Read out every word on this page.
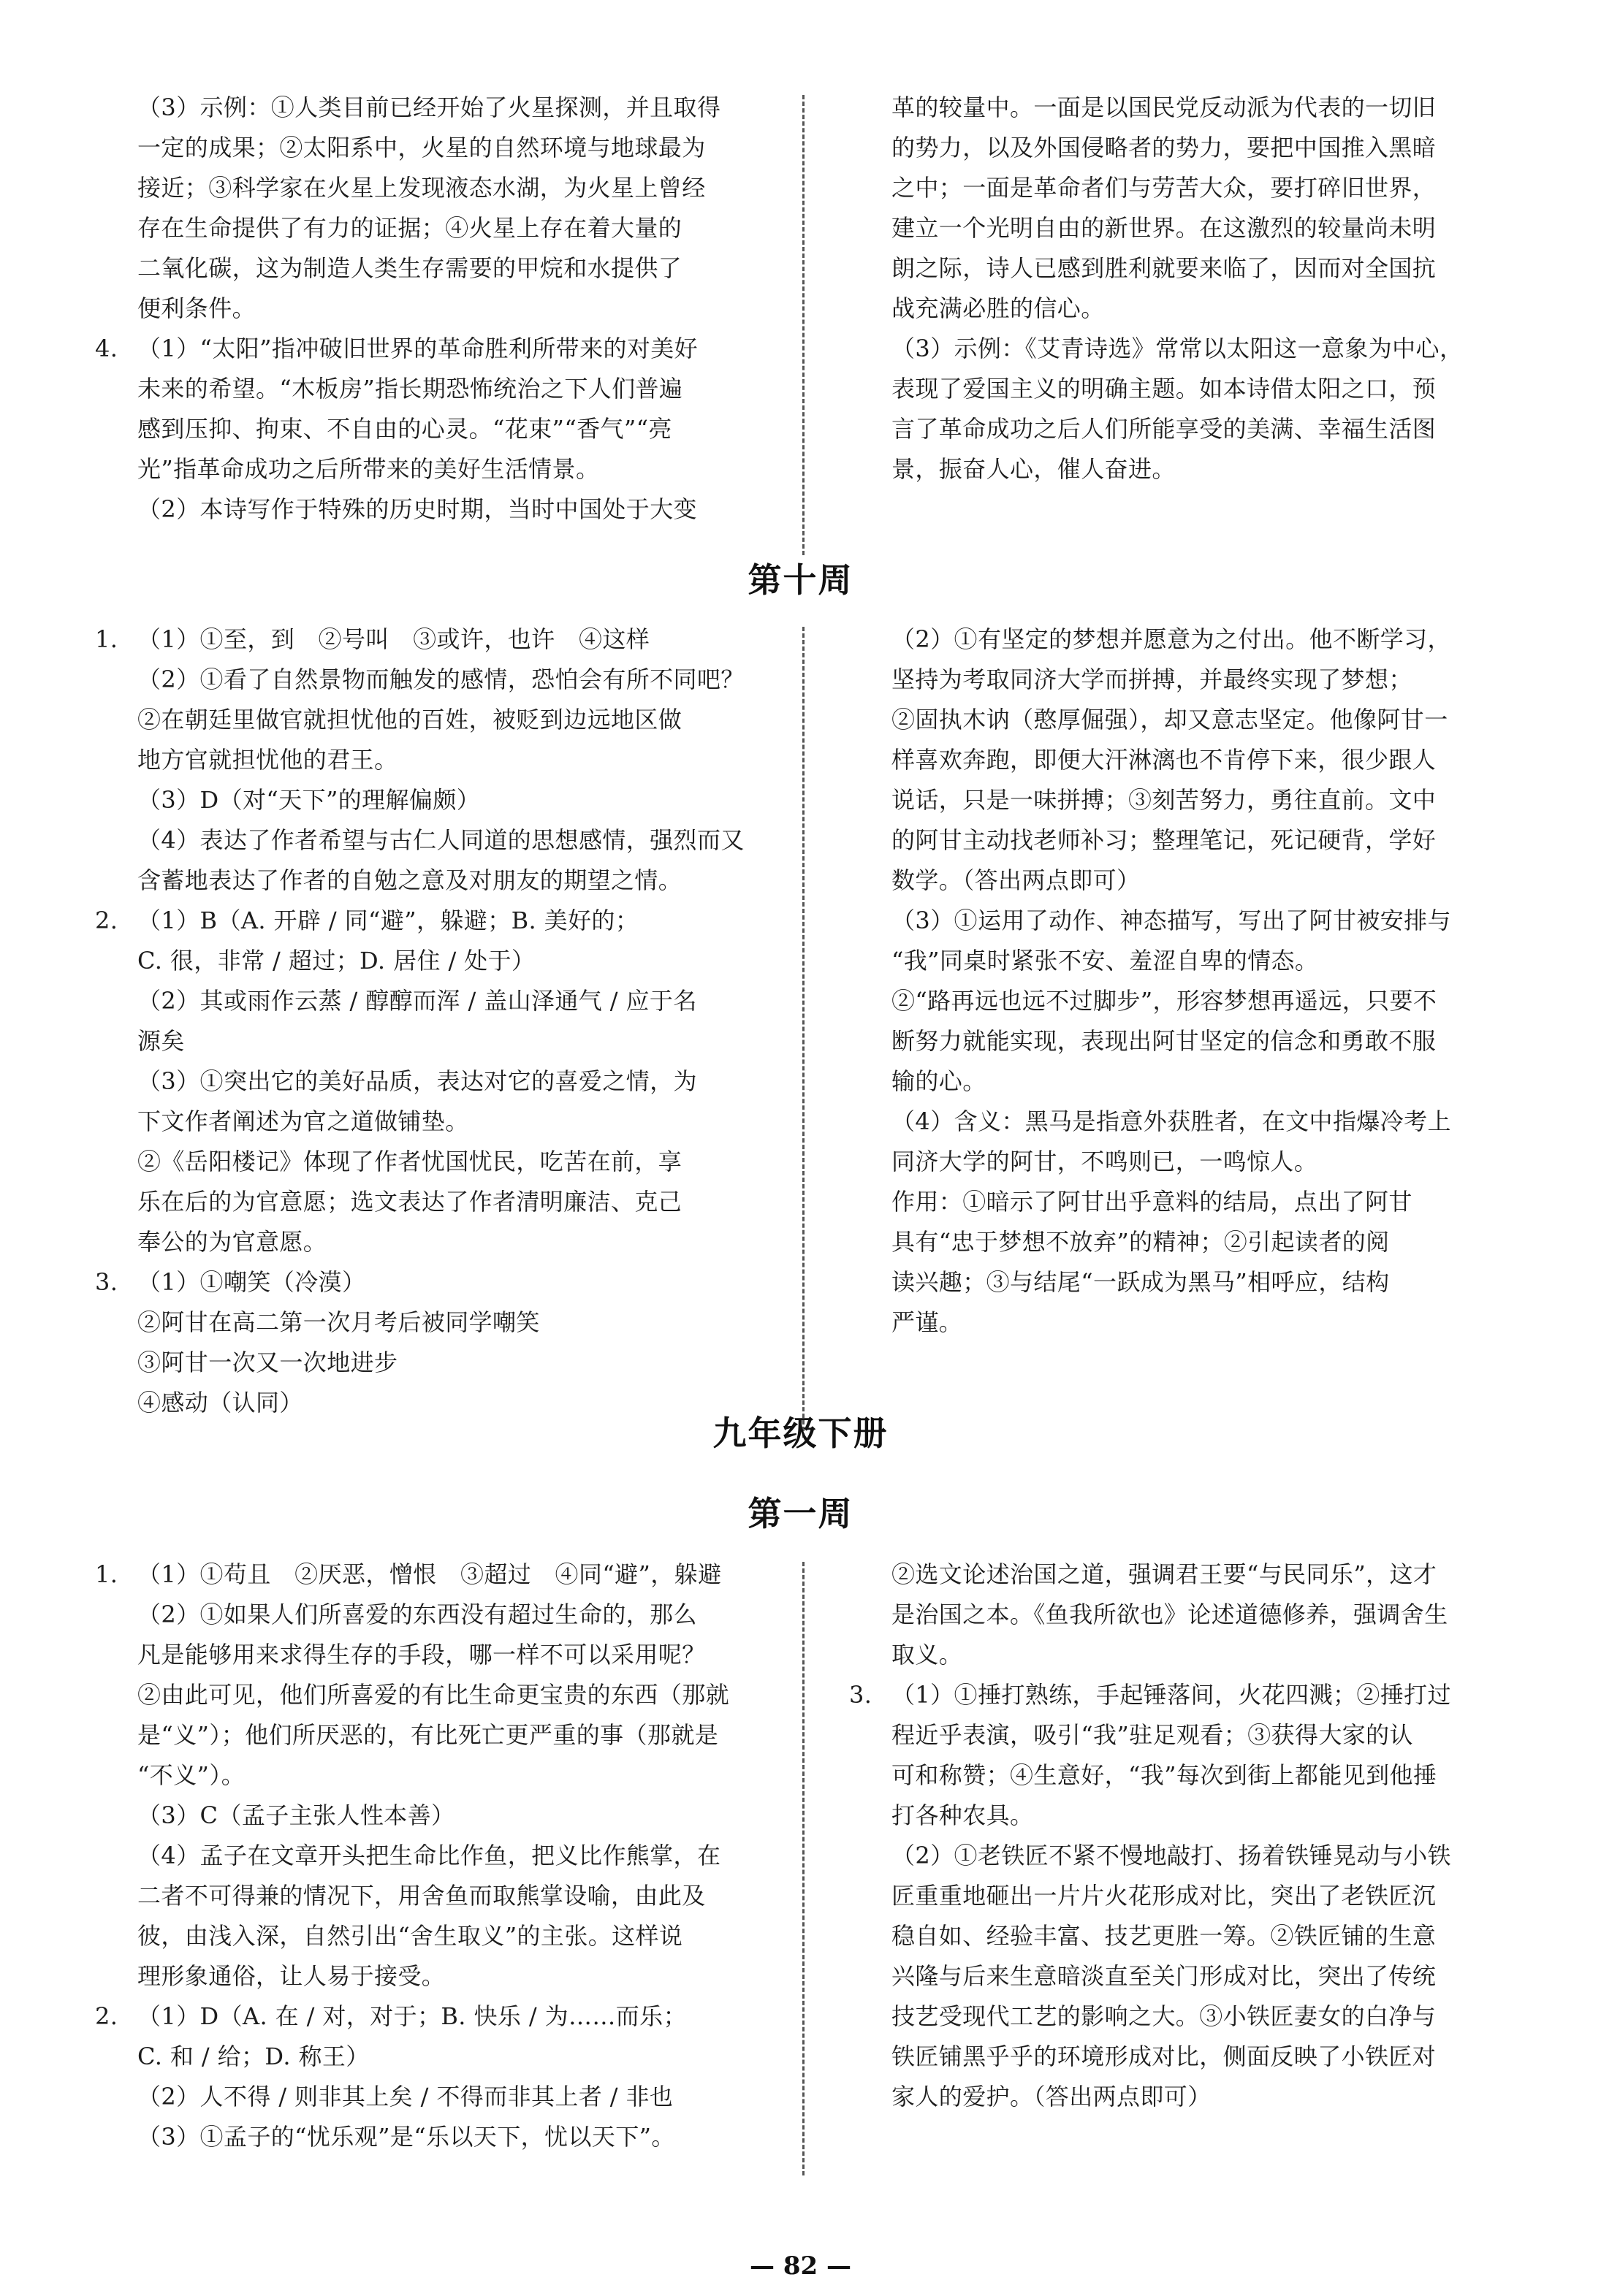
（3）示例：①人类目前已经开始了火星探测，并且取得
一定的成果；②太阳系中，火星的自然环境与地球最为
接近；③科学家在火星上发现液态水湖，为火星上曾经
存在生命提供了有力的证据；④火星上存在着大量的
二氧化碳，这为制造人类生存需要的甲烷和水提供了
便利条件。
4. （1）“太阳”指冲破旧世界的革命胜利所带来的对美好
未来的希望。“木板房”指长期恐怖统治之下人们普遍
感到压抑、拘束、不自由的心灵。“花束”“香气”“亮
光”指革命成功之后所带来的美好生活情景。
（2）本诗写作于特殊的历史时期，当时中国处于大变
革的较量中。一面是以国民党反动派为代表的一切旧
的势力，以及外国侵略者的势力，要把中国推入黑暗
之中；一面是革命者们与劳苦大众，要打碎旧世界，
建立一个光明自由的新世界。在这激烈的较量尚未明
朗之际，诗人已感到胜利就要来临了，因而对全国抗
战充满必胜的信心。
（3）示例：《艾青诗选》常常以太阳这一意象为中心，
表现了爱国主义的明确主题。如本诗借太阳之口，预
言了革命成功之后人们所能享受的美满、幸福生活图
景，振奋人心，催人奋进。
第十周
1. （1）①至，到　②号叫　③或许，也许　④这样
（2）①看了自然景物而触发的感情，恐怕会有所不同吧？
②在朝廷里做官就担忧他的百姓，被贬到边远地区做
地方官就担忧他的君王。
（3）D（对“天下”的理解偏颇）
（4）表达了作者希望与古仁人同道的思想感情，强烈而又
含蓄地表达了作者的自勉之意及对朋友的期望之情。
2. （1）B（A. 开辟 / 同“避”，躲避；B. 美好的；
C. 很，非常 / 超过；D. 居住 / 处于）
（2）其或雨作云蒸 / 醇醇而浑 / 盖山泽通气 / 应于名
源矣
（3）①突出它的美好品质，表达对它的喜爱之情，为
下文作者阐述为官之道做铺垫。
②《岳阳楼记》体现了作者忧国忧民，吃苦在前，享
乐在后的为官意愿；选文表达了作者清明廉洁、克己
奉公的为官意愿。
3. （1）①嘲笑（冷漠）
②阿甘在高二第一次月考后被同学嘲笑
③阿甘一次又一次地进步
④感动（认同）
（2）①有坚定的梦想并愿意为之付出。他不断学习，
坚持为考取同济大学而拼搏，并最终实现了梦想；
②固执木讷（憨厚倔强），却又意志坚定。他像阿甘一
样喜欢奔跑，即便大汗淋漓也不肯停下来，很少跟人
说话，只是一味拼搏；③刻苦努力，勇往直前。文中
的阿甘主动找老师补习；整理笔记，死记硬背，学好
数学。（答出两点即可）
（3）①运用了动作、神态描写，写出了阿甘被安排与
“我”同桌时紧张不安、羞涩自卑的情态。
②“路再远也远不过脚步”，形容梦想再遥远，只要不
断努力就能实现，表现出阿甘坚定的信念和勇敢不服
输的心。
（4）含义：黑马是指意外获胜者，在文中指爆冷考上
同济大学的阿甘，不鸣则已，一鸣惊人。
作用：①暗示了阿甘出乎意料的结局，点出了阿甘
具有“忠于梦想不放弃”的精神；②引起读者的阅
读兴趣；③与结尾“一跃成为黑马”相呼应，结构
严谨。
九年级下册
第一周
1. （1）①苟且　②厌恶，憎恨　③超过　④同“避”，躲避
（2）①如果人们所喜爱的东西没有超过生命的，那么
凡是能够用来求得生存的手段，哪一样不可以采用呢？
②由此可见，他们所喜爱的有比生命更宝贵的东西（那就
是“义”）；他们所厌恶的，有比死亡更严重的事（那就是
“不义”）。
（3）C（孟子主张人性本善）
（4）孟子在文章开头把生命比作鱼，把义比作熊掌，在
二者不可得兼的情况下，用舍鱼而取熊掌设喻，由此及
彼，由浅入深，自然引出“舍生取义”的主张。这样说
理形象通俗，让人易于接受。
2. （1）D（A. 在 / 对，对于；B. 快乐 / 为……而乐；
C. 和 / 给；D. 称王）
（2）人不得 / 则非其上矣 / 不得而非其上者 / 非也
（3）①孟子的“忧乐观”是“乐以天下，忧以天下”。
②选文论述治国之道，强调君王要“与民同乐”，这才
是治国之本。《鱼我所欲也》论述道德修养，强调舍生
取义。
3. （1）①捶打熟练，手起锤落间，火花四溅；②捶打过
程近乎表演，吸引“我”驻足观看；③获得大家的认
可和称赞；④生意好，“我”每次到街上都能见到他捶
打各种农具。
（2）①老铁匠不紧不慢地敲打、扬着铁锤晃动与小铁
匠重重地砸出一片片火花形成对比，突出了老铁匠沉
稳自如、经验丰富、技艺更胜一筹。②铁匠铺的生意
兴隆与后来生意暗淡直至关门形成对比，突出了传统
技艺受现代工艺的影响之大。③小铁匠妻女的白净与
铁匠铺黑乎乎的环境形成对比，侧面反映了小铁匠对
家人的爱护。（答出两点即可）
— 82 —
